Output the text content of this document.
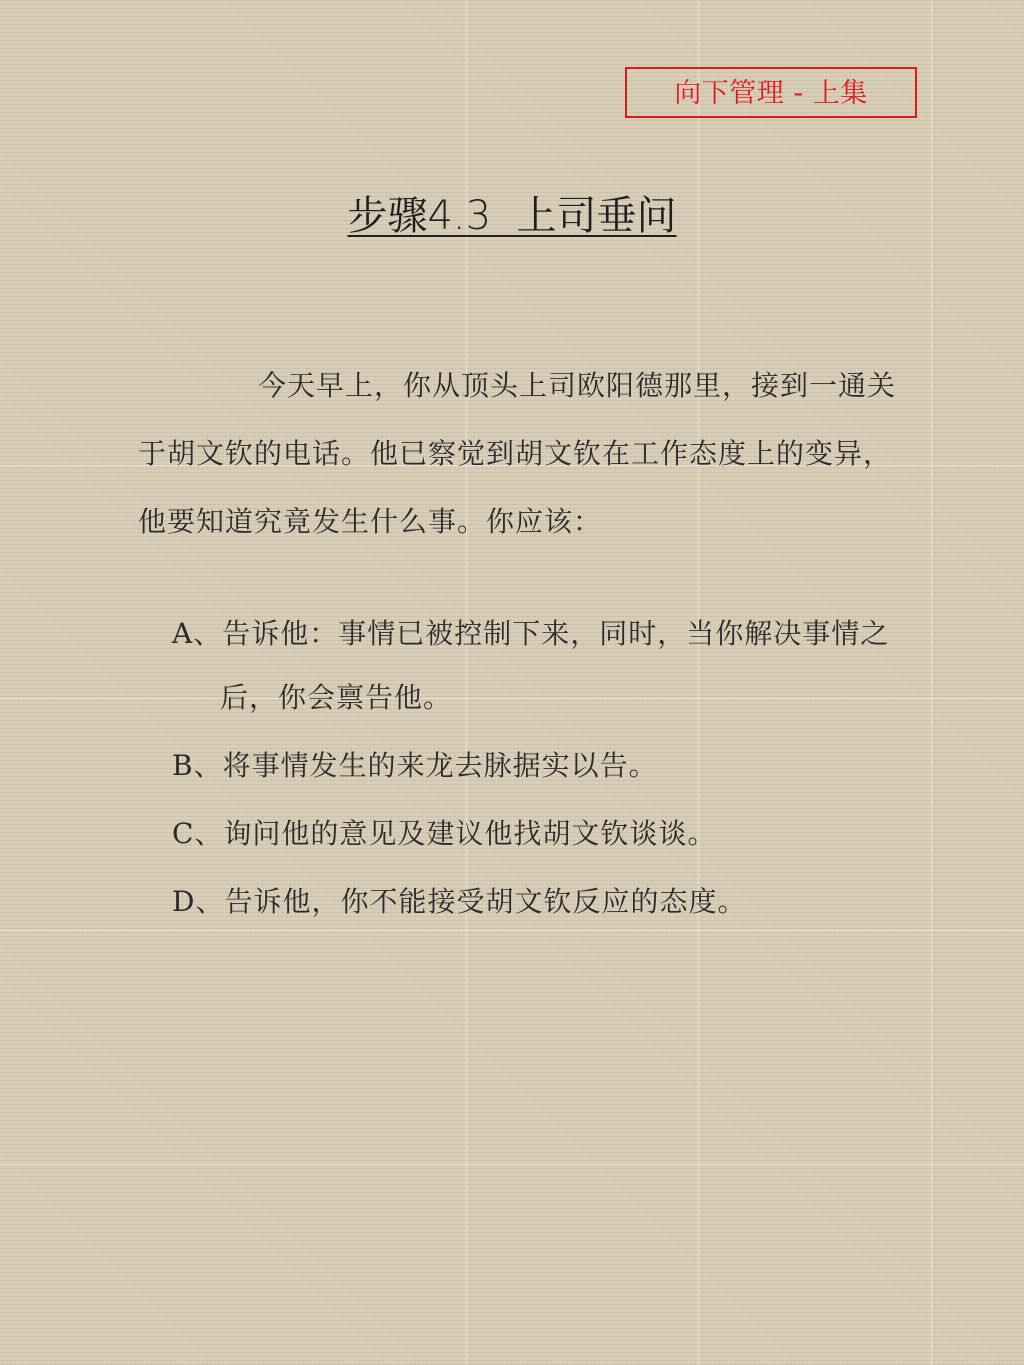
向下管理 - 上集
步骤4.3  上司垂问

今天早上，你从顶头上司欧阳德那里，接到一通关于胡文钦的电话。他已察觉到胡文钦在工作态度上的变异，他要知道究竟发生什么事。你应该：

A、告诉他：事情已被控制下来，同时，当你解决事情之后，你会禀告他。
B、将事情发生的来龙去脉据实以告。
C、询问他的意见及建议他找胡文钦谈谈。
D、告诉他，你不能接受胡文钦反应的态度。
